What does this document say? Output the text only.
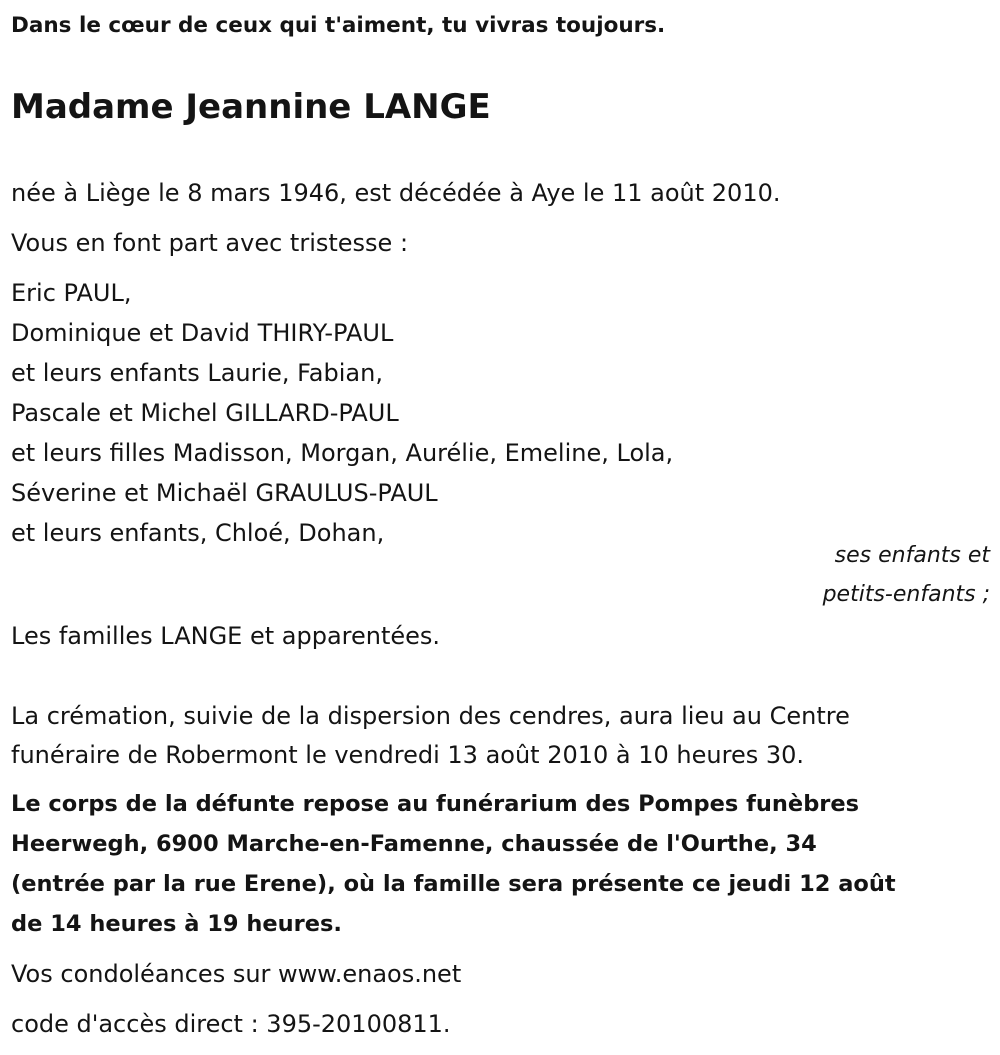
Dans le cœur de ceux qui t'aiment, tu vivras toujours.
Madame Jeannine LANGE
née à Liège le 8 mars 1946, est décédée à Aye le 11 août 2010.
Vous en font part avec tristesse :
Eric PAUL,
Dominique et David THIRY-PAUL
et leurs enfants Laurie, Fabian,
Pascale et Michel GILLARD-PAUL
et leurs filles Madisson, Morgan, Aurélie, Emeline, Lola,
Séverine et Michaël GRAULUS-PAUL
et leurs enfants, Chloé, Dohan,
ses enfants et
petits-enfants ;
Les familles LANGE et apparentées.
La crémation, suivie de la dispersion des cendres, aura lieu au Centre
funéraire de Robermont le vendredi 13 août 2010 à 10 heures 30.
Le corps de la défunte repose au funérarium des Pompes funèbres
Heerwegh, 6900 Marche-en-Famenne, chaussée de l'Ourthe, 34
(entrée par la rue Erene), où la famille sera présente ce jeudi 12 août
de 14 heures à 19 heures.
Vos condoléances sur www.enaos.net
code d'accès direct : 395-20100811.
